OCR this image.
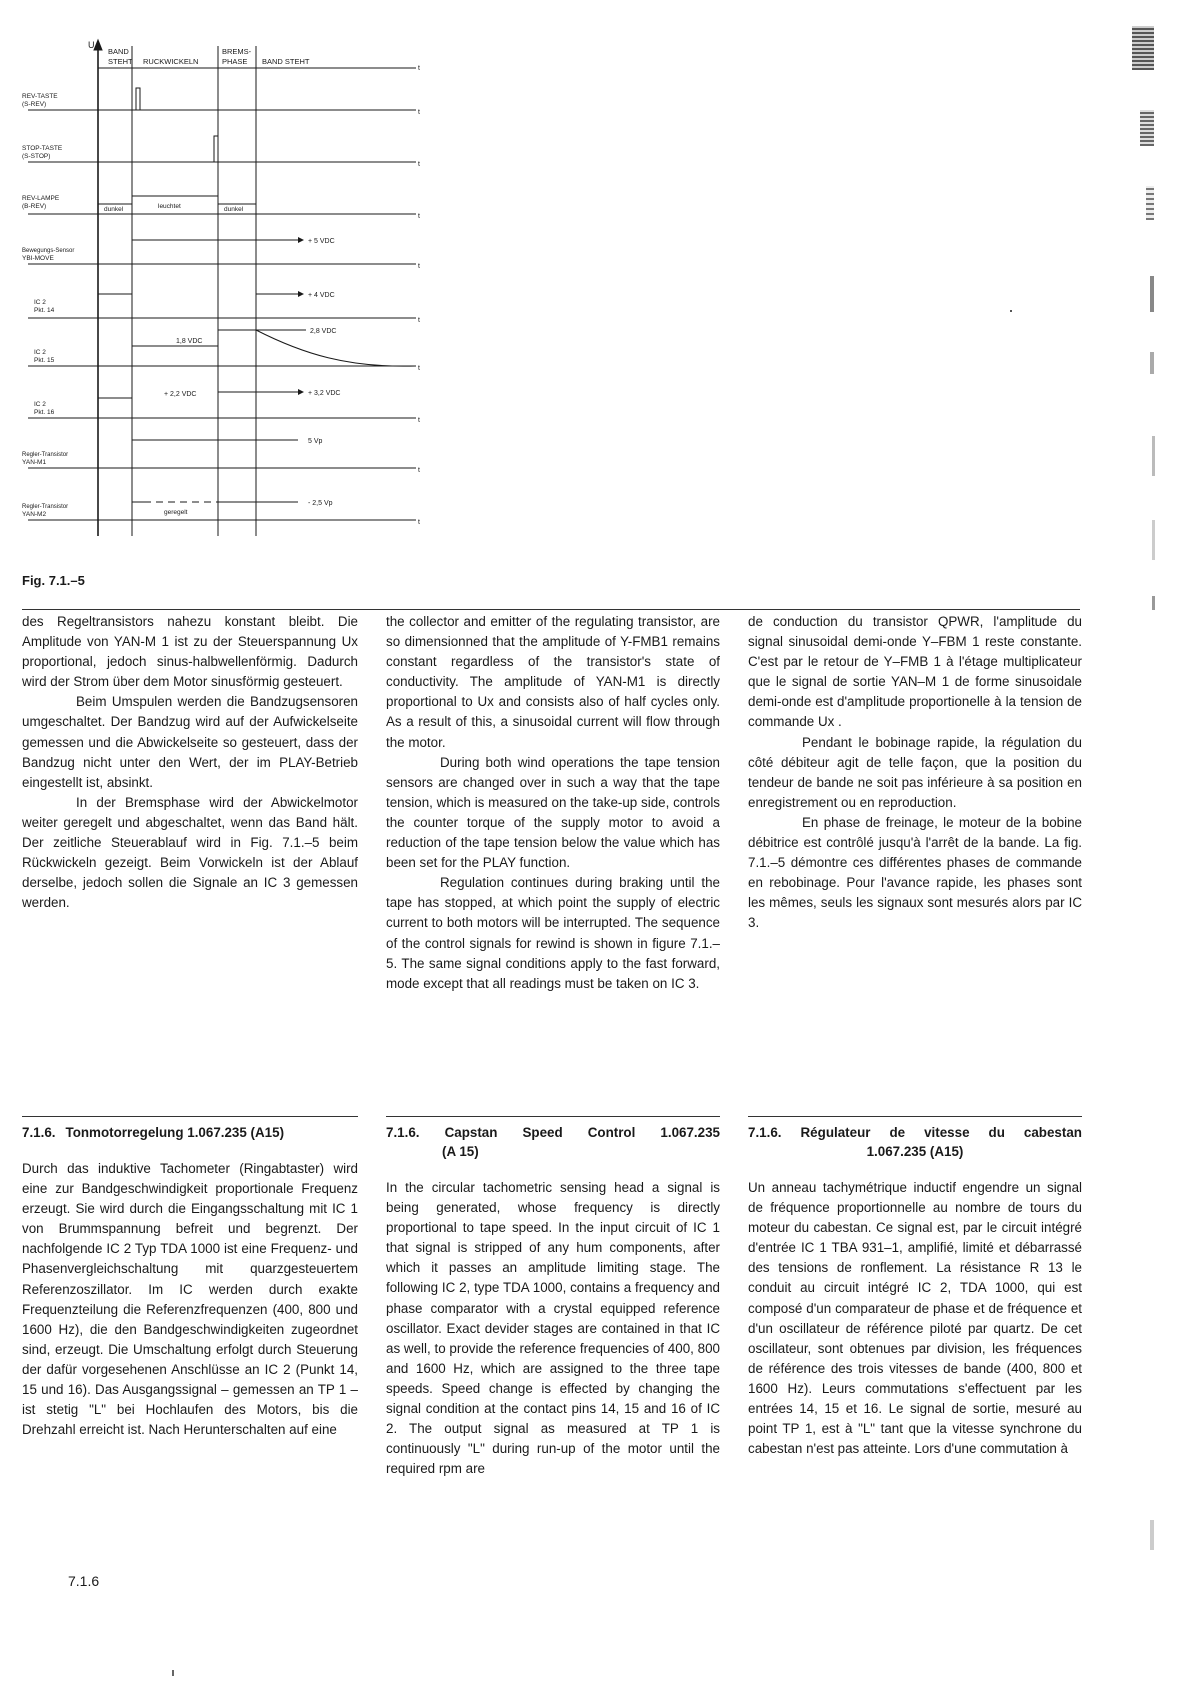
U
BAND
STEHT RUCKWICKELN
BREMS-
PHASE BAND STEHT
REV-TASTE
(S-REV)
STOP-TASTE
(S-STOP)
REV-LAMPE
(B-REV)
Bewegungs-Sensor
YBI-MOVE
IC 2
Pkt. 14
IC 2
Pkt. 15
IC 2
Pkt. 16
Regler-Transistor
YAN-M1
Regler-Transistor
YAN-M2
t
t
t
t
t
t
t
t
t
t
dunkel	leuchtet	dunkel
+ 5 VDC
+ 4 VDC
2,8 VDC
1,8 VDC
+ 3,2 VDC
+ 2,2 VDC
5 Vp
- 2,5 Vp
geregelt
Fig. 7.1.–5

des Regeltransistors nahezu konstant bleibt. Die Amplitude von YAN-M 1 ist zu der Steuerspannung Ux proportional, jedoch sinus-halbwellenförmig. Dadurch wird der Strom über dem Motor sinusförmig gesteuert.

Beim Umspulen werden die Bandzugsensoren umgeschaltet. Der Bandzug wird auf der Aufwickelseite gemessen und die Abwickelseite so gesteuert, dass der Bandzug nicht unter den Wert, der im PLAY-Betrieb eingestellt ist, absinkt.

In der Bremsphase wird der Abwickelmotor weiter geregelt und abgeschaltet, wenn das Band hält. Der zeitliche Steuerablauf wird in Fig. 7.1.–5 beim Rückwickeln gezeigt. Beim Vorwickeln ist der Ablauf derselbe, jedoch sollen die Signale an IC 3 gemessen werden.

the collector and emitter of the regulating transistor, are so dimensionned that the amplitude of Y-FMB1 remains constant regardless of the transistor's state of conductivity. The amplitude of YAN-M1 is directly proportional to Ux and consists also of half cycles only. As a result of this, a sinusoidal current will flow through the motor.

During both wind operations the tape tension sensors are changed over in such a way that the tape tension, which is measured on the take-up side, controls the counter torque of the supply motor to avoid a reduction of the tape tension below the value which has been set for the PLAY function.

Regulation continues during braking until the tape has stopped, at which point the supply of electric current to both motors will be interrupted. The sequence of the control signals for rewind is shown in figure 7.1.–5. The same signal conditions apply to the fast forward, mode except that all readings must be taken on IC 3.

de conduction du transistor QPWR, l'amplitude du signal sinusoidal demi-onde Y–FBM 1 reste constante. C'est par le retour de Y–FMB 1 à l'étage multiplicateur que le signal de sortie YAN–M 1 de forme sinusoidale demi-onde est d'amplitude proportionelle à la tension de commande Ux .

Pendant le bobinage rapide, la régulation du côté débiteur agit de telle façon, que la position du tendeur de bande ne soit pas inférieure à sa position en enregistrement ou en reproduction.

En phase de freinage, le moteur de la bobine débitrice est contrôlé jusqu'à l'arrêt de la bande. La fig. 7.1.–5 démontre ces différentes phases de commande en rebobinage. Pour l'avance rapide, les phases sont les mêmes, seuls les signaux sont mesurés alors par IC 3.

7.1.6. Tonmotorregelung 1.067.235 (A15)

Durch das induktive Tachometer (Ringabtaster) wird eine zur Bandgeschwindigkeit proportionale Frequenz erzeugt. Sie wird durch die Eingangsschaltung mit IC 1 von Brummspannung befreit und begrenzt. Der nachfolgende IC 2 Typ TDA 1000 ist eine Frequenz- und Phasenvergleichschaltung mit quarzgesteuertem Referenzoszillator. Im IC werden durch exakte Frequenzteilung die Referenzfrequenzen (400, 800 und 1600 Hz), die den Bandgeschwindigkeiten zugeordnet sind, erzeugt. Die Umschaltung erfolgt durch Steuerung der dafür vorgesehenen Anschlüsse an IC 2 (Punkt 14, 15 und 16). Das Ausgangssignal – gemessen an TP 1 – ist stetig "L" bei Hochlaufen des Motors, bis die Drehzahl erreicht ist. Nach Herunterschalten auf eine

7.1.6. Capstan Speed Control 1.067.235
(A 15)

In the circular tachometric sensing head a signal is being generated, whose frequency is directly proportional to tape speed. In the input circuit of IC 1 that signal is stripped of any hum components, after which it passes an amplitude limiting stage. The following IC 2, type TDA 1000, contains a frequency and phase comparator with a crystal equipped reference oscillator. Exact devider stages are contained in that IC as well, to provide the reference frequencies of 400, 800 and 1600 Hz, which are assigned to the three tape speeds. Speed change is effected by changing the signal condition at the contact pins 14, 15 and 16 of IC 2. The output signal as measured at TP 1 is continuously "L" during run-up of the motor until the required rpm are

7.1.6. Régulateur de vitesse du cabestan
1.067.235 (A15)

Un anneau tachymétrique inductif engendre un signal de fréquence proportionnelle au nombre de tours du moteur du cabestan. Ce signal est, par le circuit intégré d'entrée IC 1 TBA 931–1, amplifié, limité et débarrassé des tensions de ronflement. La résistance R 13 le conduit au circuit intégré IC 2, TDA 1000, qui est composé d'un comparateur de phase et de fréquence et d'un oscillateur de référence piloté par quartz. De cet oscillateur, sont obtenues par division, les fréquences de référence des trois vitesses de bande (400, 800 et 1600 Hz). Leurs commutations s'effectuent par les entrées 14, 15 et 16. Le signal de sortie, mesuré au point TP 1, est à "L" tant que la vitesse synchrone du cabestan n'est pas atteinte. Lors d'une commutation à

7.1.6
